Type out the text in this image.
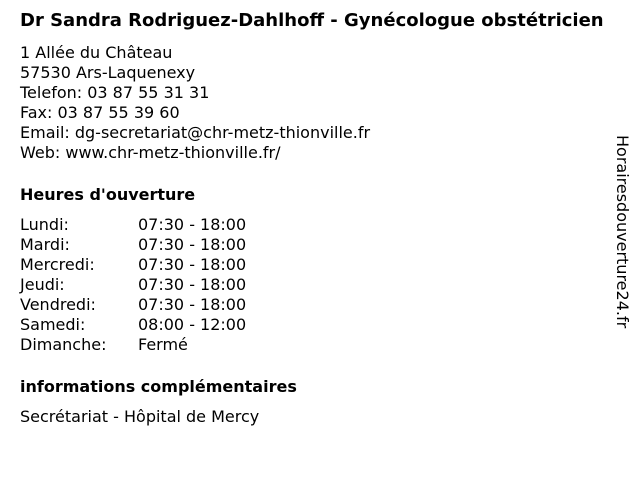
Dr Sandra Rodriguez-Dahlhoff - Gynécologue obstétricien
1 Allée du Château
57530 Ars-Laquenexy
Telefon: 03 87 55 31 31
Fax: 03 87 55 39 60
Email: dg-secretariat@chr-metz-thionville.fr
Web: www.chr-metz-thionville.fr/
Heures d'ouverture
Lundi:	07:30 - 18:00
Mardi:	07:30 - 18:00
Mercredi:	07:30 - 18:00
Jeudi:	07:30 - 18:00
Vendredi:	07:30 - 18:00
Samedi:	08:00 - 12:00
Dimanche:	Fermé
informations complémentaires
Secrétariat - Hôpital de Mercy
Horairesdouverture24.fr
